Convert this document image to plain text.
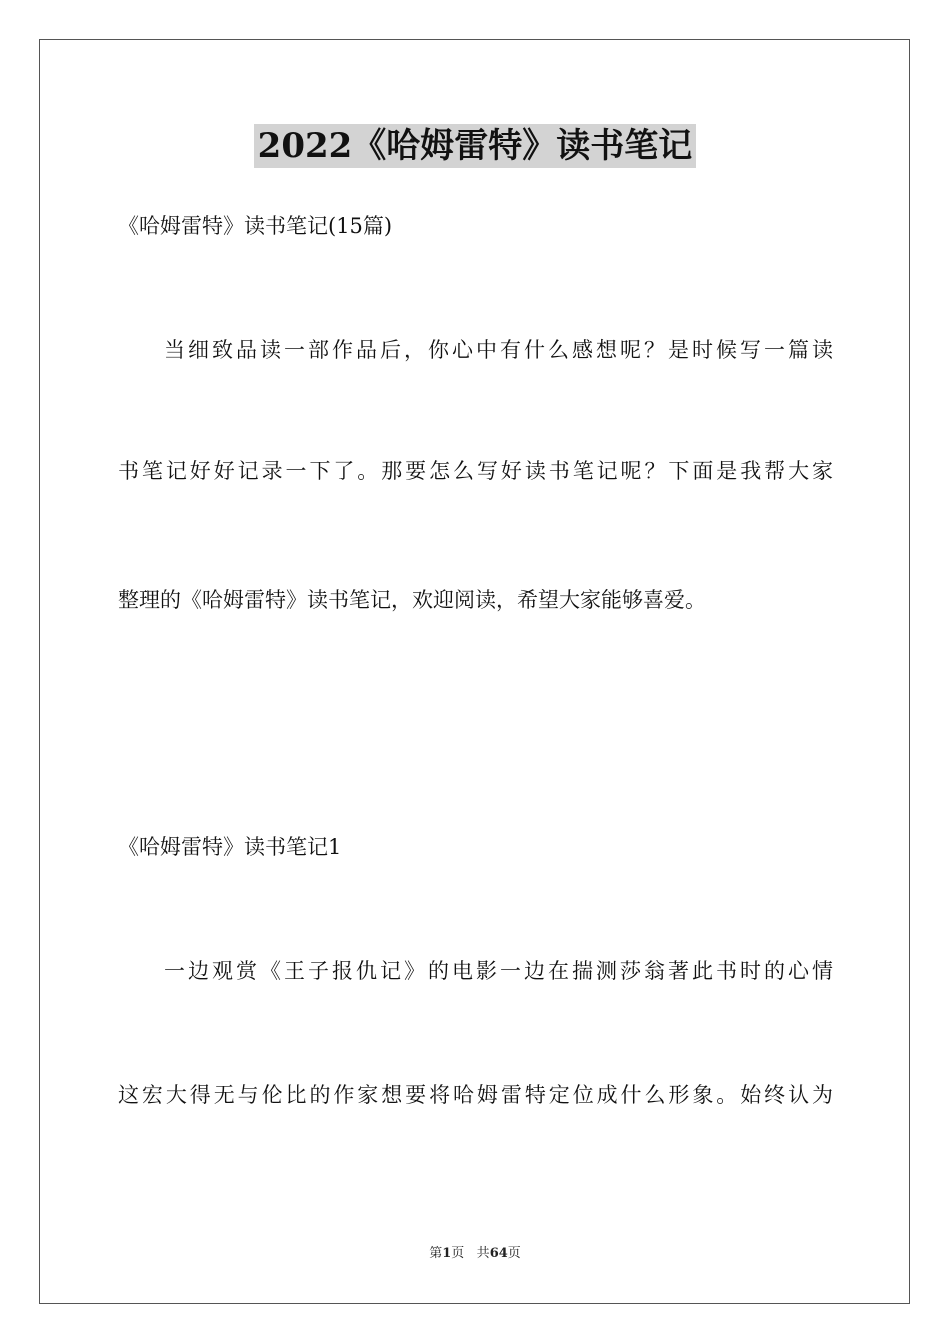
2022《哈姆雷特》读书笔记
《哈姆雷特》读书笔记(15篇)
当细致品读一部作品后，你心中有什么感想呢？是时候写一篇读
书笔记好好记录一下了。那要怎么写好读书笔记呢？下面是我帮大家
整理的《哈姆雷特》读书笔记，欢迎阅读，希望大家能够喜爱。
《哈姆雷特》读书笔记1
一边观赏《王子报仇记》的电影一边在揣测莎翁著此书时的心情
这宏大得无与伦比的作家想要将哈姆雷特定位成什么形象。始终认为
第1页 共64页
